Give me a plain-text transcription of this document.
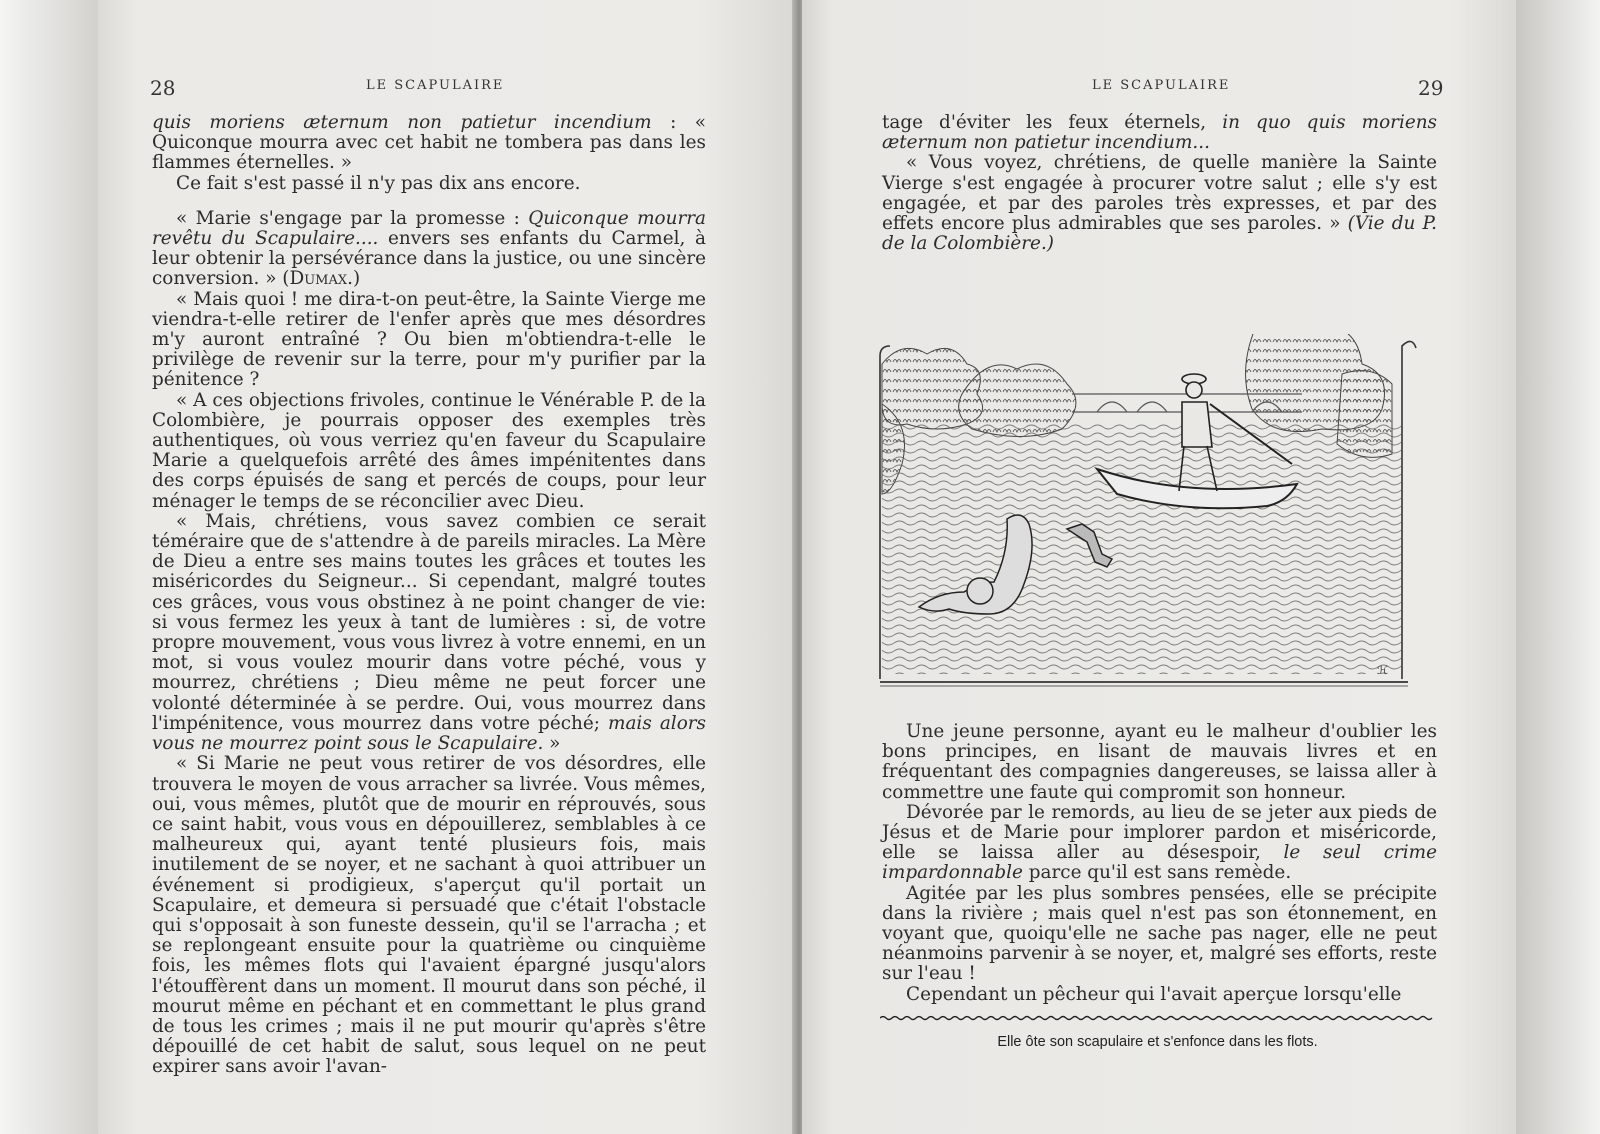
28	LE SCAPULAIRE	LE SCAPULAIRE	29

quis moriens æternum non patietur incendium : « Quiconque mourra avec cet habit ne tombera pas dans les flammes éternelles. »

Ce fait s'est passé il n'y pas dix ans encore.

« Marie s'engage par la promesse : Quiconque mourra revêtu du Scapulaire.... envers ses enfants du Carmel, à leur obtenir la persévérance dans la justice, ou une sincère conversion. » (Dumax.)

« Mais quoi ! me dira-t-on peut-être, la Sainte Vierge me viendra-t-elle retirer de l'enfer après que mes désordres m'y auront entraîné ? Ou bien m'obtiendra-t-elle le privilège de revenir sur la terre, pour m'y purifier par la pénitence ?

« A ces objections frivoles, continue le Vénérable P. de la Colombière, je pourrais opposer des exemples très authentiques, où vous verriez qu'en faveur du Scapulaire Marie a quelquefois arrêté des âmes impénitentes dans des corps épuisés de sang et percés de coups, pour leur ménager le temps de se réconcilier avec Dieu.

« Mais, chrétiens, vous savez combien ce serait téméraire que de s'attendre à de pareils miracles. La Mère de Dieu a entre ses mains toutes les grâces et toutes les miséricordes du Seigneur... Si cependant, malgré toutes ces grâces, vous vous obstinez à ne point changer de vie: si vous fermez les yeux à tant de lumières : si, de votre propre mouvement, vous vous livrez à votre ennemi, en un mot, si vous voulez mourir dans votre péché, vous y mourrez, chrétiens ; Dieu même ne peut forcer une volonté déterminée à se perdre. Oui, vous mourrez dans l'impénitence, vous mourrez dans votre péché; mais alors vous ne mourrez point sous le Scapulaire. »

« Si Marie ne peut vous retirer de vos désordres, elle trouvera le moyen de vous arracher sa livrée. Vous mêmes, oui, vous mêmes, plutôt que de mourir en réprouvés, sous ce saint habit, vous vous en dépouillerez, semblables à ce malheureux qui, ayant tenté plusieurs fois, mais inutilement de se noyer, et ne sachant à quoi attribuer un événement si prodigieux, s'aperçut qu'il portait un Scapulaire, et demeura si persuadé que c'était l'obstacle qui s'opposait à son funeste dessein, qu'il se l'arracha ; et se replongeant ensuite pour la quatrième ou cinquième fois, les mêmes flots qui l'avaient épargné jusqu'alors l'étouffèrent dans un moment. Il mourut dans son péché, il mourut même en péchant et en commettant le plus grand de tous les crimes ; mais il ne put mourir qu'après s'être dépouillé de cet habit de salut, sous lequel on ne peut expirer sans avoir l'avan-

tage d'éviter les feux éternels, in quo quis moriens æternum non patietur incendium...

« Vous voyez, chrétiens, de quelle manière la Sainte Vierge s'est engagée à procurer votre salut ; elle s'y est engagée, et par des paroles très expresses, et par des effets encore plus admirables que ses paroles. » (Vie du P. de la Colombière.)

ℋ

Une jeune personne, ayant eu le malheur d'oublier les bons principes, en lisant de mauvais livres et en fréquentant des compagnies dangereuses, se laissa aller à commettre une faute qui compromit son honneur.

Dévorée par le remords, au lieu de se jeter aux pieds de Jésus et de Marie pour implorer pardon et miséricorde, elle se laissa aller au désespoir, le seul crime impardonnable parce qu'il est sans remède.

Agitée par les plus sombres pensées, elle se précipite dans la rivière ; mais quel n'est pas son étonnement, en voyant que, quoiqu'elle ne sache pas nager, elle ne peut néanmoins parvenir à se noyer, et, malgré ses efforts, reste sur l'eau !

Cependant un pêcheur qui l'avait aperçue lorsqu'elle

Elle ôte son scapulaire et s'enfonce dans les flots.
